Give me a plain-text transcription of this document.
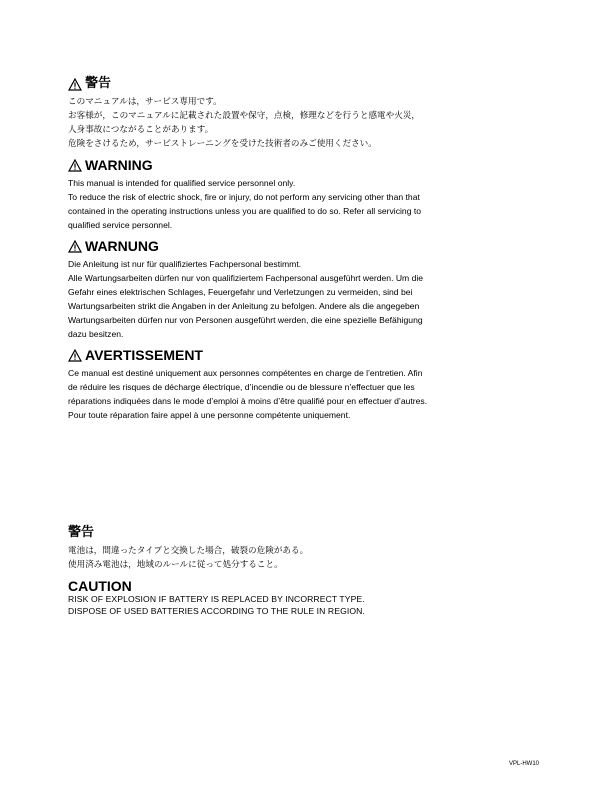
警告

このマニュアルは，サービス専用です。

お客様が，このマニュアルに記載された設置や保守，点検，修理などを行うと感電や火災，

人身事故につながることがあります。

危険をさけるため，サービストレーニングを受けた技術者のみご使用ください。

WARNING

This manual is intended for qualified service personnel only.

To reduce the risk of electric shock, fire or injury, do not perform any servicing other than that

contained in the operating instructions unless you are qualified to do so. Refer all servicing to

qualified service personnel.

WARNUNG

Die Anleitung ist nur für qualifiziertes Fachpersonal bestimmt.

Alle Wartungsarbeiten dürfen nur von qualifiziertem Fachpersonal ausgeführt werden. Um die

Gefahr eines elektrischen Schlages, Feuergefahr und Verletzungen zu vermeiden, sind bei

Wartungsarbeiten strikt die Angaben in der Anleitung zu befolgen. Andere als die angegeben

Wartungsarbeiten dürfen nur von Personen ausgeführt werden, die eine spezielle Befähigung

dazu besitzen.

AVERTISSEMENT

Ce manual est destiné uniquement aux personnes compétentes en charge de l’entretien. Afin

de réduire les risques de décharge électrique, d’incendie ou de blessure n’effectuer que les

réparations indiquées dans le mode d’emploi à moins d’être qualifié pour en effectuer d’autres.

Pour toute réparation faire appel à une personne compétente uniquement.

警告

電池は，間違ったタイプと交換した場合，破裂の危険がある。

使用済み電池は，地域のルールに従って処分すること。

CAUTION
RISK OF EXPLOSION IF BATTERY IS REPLACED BY INCORRECT TYPE.
DISPOSE OF USED BATTERIES ACCORDING TO THE RULE IN REGION.
VPL-HW10
